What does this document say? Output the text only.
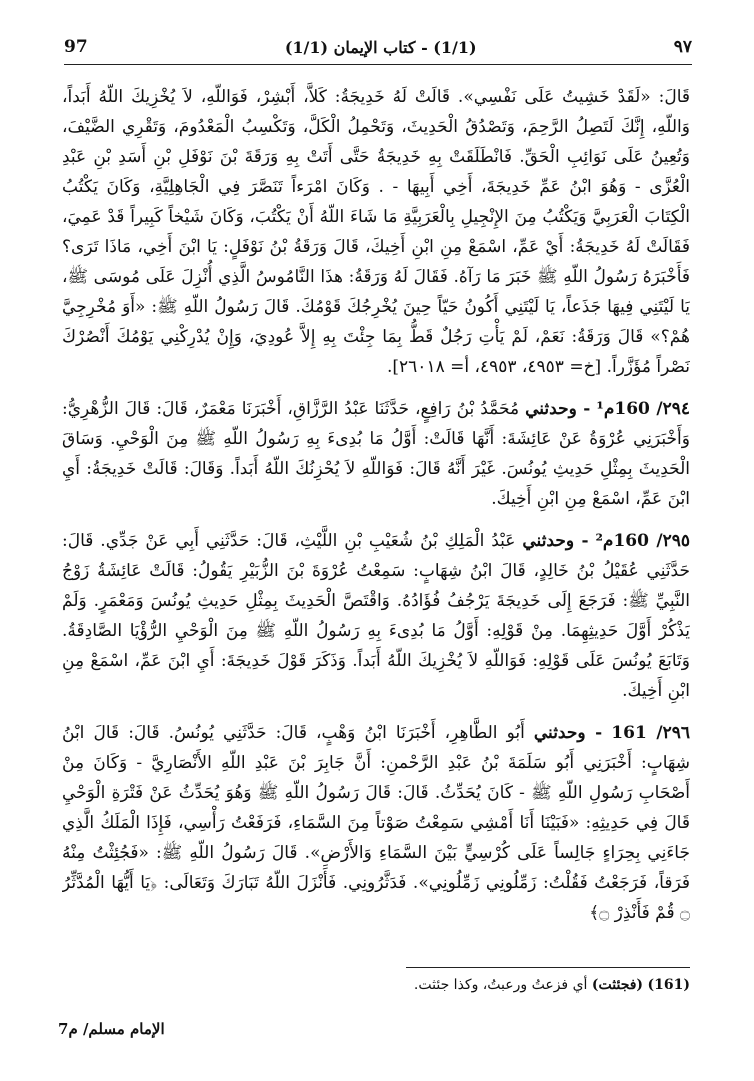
97	(1/1) - كتاب الإيمان (1/1)	٩٧

قَالَ: «لَقَدْ خَشِيتُ عَلَى نَفْسِي». قَالَتْ لَهُ خَدِيجَةُ: كَلاَّ، أَبْشِرْ، فَوَاللّهِ، لاَ يُخْزِيكَ اللّهُ أَبَداً، وَاللّهِ، إِنَّكَ لَتَصِلُ الرَّحِمَ، وَتَصْدُقُ الْحَدِيثَ، وَتَحْمِلُ الْكَلَّ، وَتَكْسِبُ الْمَعْدُومَ، وَتَقْرِي الضَّيْفَ، وَتُعِينُ عَلَى نَوَائِبِ الْحَقِّ. فَانْطَلَقَتْ بِهِ خَدِيجَةُ حَتَّى أَتَتْ بِهِ وَرَقَةَ بْنَ نَوْفَلِ بْنِ أَسَدِ بْنِ عَبْدِ الْعُزَّى - وَهُوَ ابْنُ عَمِّ خَدِيجَةَ، أَخِي أَبِيهَا - . وَكَانَ امْرَءاً تَنَصَّرَ فِي الْجَاهِلِيَّةِ، وَكَانَ يَكْتُبُ الْكِتَابَ الْعَرَبِيَّ وَيَكْتُبُ مِنَ الإِنْجِيلِ بِالْعَرَبِيَّةِ مَا شَاءَ اللّهُ أَنْ يَكْتُبَ، وَكَانَ شَيْخاً كَبِيراً قَدْ عَمِيَ، فَقَالَتْ لَهُ خَدِيجَةُ: أَيْ عَمِّ، اسْمَعْ مِنِ ابْنِ أَخِيكَ، قَالَ وَرَقَةُ بْنُ نَوْفَلٍ: يَا ابْنَ أَخِي، مَاذَا تَرَى؟ فَأَخْبَرَهُ رَسُولُ اللّهِ ﷺ خَبَرَ مَا رَآهُ. فَقَالَ لَهُ وَرَقَةُ: هذَا النَّامُوسُ الَّذِي أُنْزِلَ عَلَى مُوسَى ﷺ، يَا لَيْتَنِي فِيهَا جَذَعاً، يَا لَيْتَنِي أَكُونُ حَيّاً حِينَ يُخْرِجُكَ قَوْمُكَ. قَالَ رَسُولُ اللّهِ ﷺ: «أَوَ مُخْرِجِيَّ هُمْ؟» قَالَ وَرَقَةُ: نَعَمْ، لَمْ يَأْتِ رَجُلٌ قَطُّ بِمَا جِئْتَ بِهِ إِلاَّ عُودِيَ، وَإِنْ يُدْرِكْنِي يَوْمُكَ أَنْصُرْكَ نَصْراً مُؤَزَّراً. [خ= ٤٩٥٣، ٤٩٥٣، أ= ٢٦٠١٨].

٢٩٤/ 160م¹ - وحدثني مُحَمَّدُ بْنُ رَافِعٍ، حَدَّثَنَا عَبْدُ الرَّزَّاقِ، أَخْبَرَنَا مَعْمَرٌ، قَالَ: قَالَ الزُّهْرِيُّ: وَأَخْبَرَنِي عُرْوَةُ عَنْ عَائِشَةَ: أَنَّهَا قَالَتْ: أَوَّلُ مَا بُدِىءَ بِهِ رَسُولُ اللّهِ ﷺ مِنَ الْوَحْيِ. وَسَاقَ الْحَدِيثَ بِمِثْلِ حَدِيثِ يُونُسَ. غَيْرَ أَنَّهُ قَالَ: فَوَاللّهِ لاَ يُحْزِنُكَ اللّهُ أَبَداً. وَقَالَ: قَالَتْ خَدِيجَةُ: أَيِ ابْنَ عَمِّ، اسْمَعْ مِنِ ابْنِ أَخِيكَ.

٢٩٥/ 160م² - وحدثني عَبْدُ الْمَلِكِ بْنُ شُعَيْبِ بْنِ اللَّيْثِ، قَالَ: حَدَّثَنِي أَبِي عَنْ جَدِّي. قَالَ: حَدَّثَنِي عُقَيْلُ بْنُ خَالِدٍ، قَالَ ابْنُ شِهَابٍ: سَمِعْتُ عُرْوَةَ بْنَ الزُّبَيْرِ يَقُولُ: قَالَتْ عَائِشَةُ زَوْجُ النَّبِيِّ ﷺ: فَرَجَعَ إِلَى خَدِيجَةَ يَرْجُفُ فُؤَادُهُ. وَاقْتَصَّ الْحَدِيثَ بِمِثْلِ حَدِيثِ يُونُسَ وَمَعْمَرٍ. وَلَمْ يَذْكُرْ أَوَّلَ حَدِيثِهِمَا. مِنْ قَوْلِهِ: أَوَّلُ مَا بُدِىءَ بِهِ رَسُولُ اللّهِ ﷺ مِنَ الْوَحْيِ الرُّؤْيَا الصَّادِقَةُ. وَتَابَعَ يُونُسَ عَلَى قَوْلِهِ: فَوَاللّهِ لاَ يُخْزِيكَ اللّهُ أَبَداً. وَذَكَرَ قَوْلَ خَدِيجَةَ: أَيِ ابْنَ عَمِّ، اسْمَعْ مِنِ ابْنِ أَخِيكَ.

٢٩٦/ 161 - وحدثني أَبُو الطَّاهِرِ، أَخْبَرَنَا ابْنُ وَهْبٍ، قَالَ: حَدَّثَنِي يُونُسُ. قَالَ: قَالَ ابْنُ شِهَابٍ: أَخْبَرَنِي أَبُو سَلَمَةَ بْنُ عَبْدِ الرَّحْمنِ: أَنَّ جَابِرَ بْنَ عَبْدِ اللّهِ الأَنْصَارِيَّ - وَكَانَ مِنْ أَصْحَابِ رَسُولِ اللّهِ ﷺ - كَانَ يُحَدِّثُ. قَالَ: قَالَ رَسُولُ اللّهِ ﷺ وَهُوَ يُحَدِّثُ عَنْ فَتْرَةِ الْوَحْيِ قَالَ فِي حَدِيثِهِ: «فَبَيْنَا أَنَا أَمْشِي سَمِعْتُ صَوْتاً مِنَ السَّمَاءِ، فَرَفَعْتُ رَأْسِي، فَإِذَا الْمَلَكُ الَّذِي جَاءَنِي بِحِرَاءٍ جَالِساً عَلَى كُرْسِيٍّ بَيْنَ السَّمَاءِ وَالأَرْضِ». قَالَ رَسُولُ اللّهِ ﷺ: «فَجُئِثْتُ مِنْهُ فَرَقاً، فَرَجَعْتُ فَقُلْتُ: زَمِّلُونِي زَمِّلُونِي». فَدَثَّرُونِي. فَأَنْزَلَ اللّهُ تَبَارَكَ وَتَعَالَى: ﴿يَا أَيُّهَا الْمُدَّثِّرُ ۝ قُمْ فَأَنْذِرْ ۝﴾

(161) (فجئثت) أي فزعتُ ورعبتُ، وكذا جئثت.
الإمام مسلم/ م7
